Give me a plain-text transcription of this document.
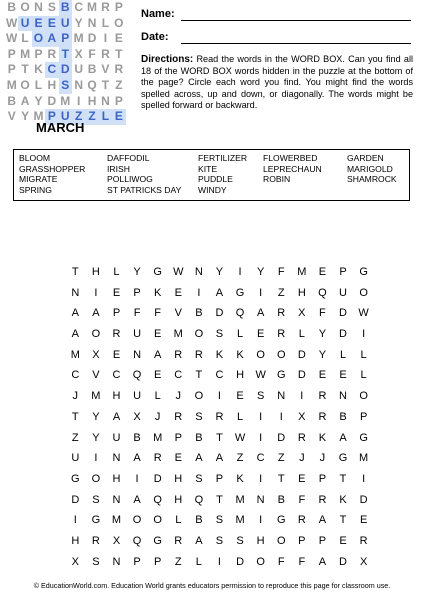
B O N S B C M R P
W U E E U Y N L O
W L O A P M D I E
P M P R T X F R T
P T K C D U B V R
M O L H S N Q T Z
B A Y D M I H N P
V Y M P U Z Z L E
Name:
Date:
Directions: Read the words in the WORD BOX. Can you find all 18 of the WORD BOX words hidden in the puzzle at the bottom of the page? Circle each word you find. You might find the words spelled across, up and down, or diagonally. The words might be spelled forward or backward.
MARCH
BLOOM
GRASSHOPPER
MIGRATE
SPRING
DAFFODIL
IRISH
POLLIWOG
ST PATRICKS DAY
FERTILIZER
KITE
PUDDLE
WINDY
FLOWERBED
LEPRECHAUN
ROBIN
GARDEN
MARIGOLD
SHAMROCK
T	H	L	Y	G	W	N	Y	I	Y	F	M	E	P	G
N	I	E	P	K	E	I	A	G	I	Z	H	Q	U	O
A	A	P	F	F	V	B	D	Q	A	R	X	F	D	W
A	O	R	U	E	M	O	S	L	E	R	L	Y	D	I
M	X	E	N	A	R	R	K	K	O	O	D	Y	L	L
C	V	C	Q	E	C	T	C	H	W	G	D	E	E	L
J	M	H	U	L	J	O	I	E	S	N	I	R	N	O
T	Y	A	X	J	R	S	R	L	I	I	X	R	B	P
Z	Y	U	B	M	P	B	T	W	I	D	R	K	A	G
U	I	N	A	R	E	A	A	Z	C	Z	J	J	G	M
G	O	H	I	D	H	S	P	K	I	T	E	P	T	I
D	S	N	A	Q	H	Q	T	M	N	B	F	R	K	D
I	G	M	O	O	L	B	S	M	I	G	R	A	T	E
H	R	X	Q	G	R	A	S	S	H	O	P	P	E	R
X	S	N	P	P	Z	L	I	D	O	F	F	A	D	X
© EducationWorld.com. Education World grants educators permission to reproduce this page for classroom use.
